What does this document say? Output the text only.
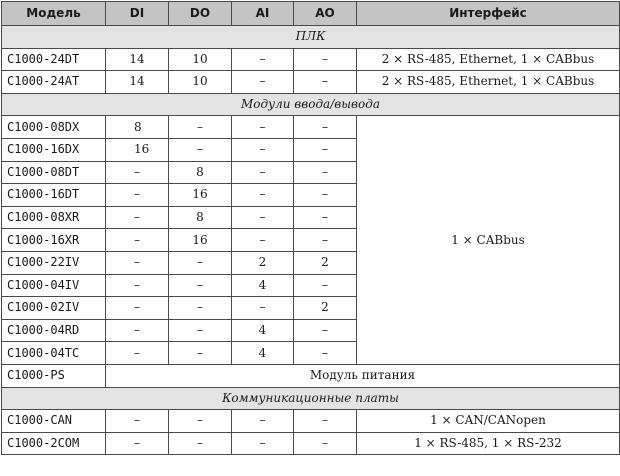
Модель	DI	DO	AI	AO	Интерфейс
ПЛК					
C1000-24DT	14	10	–	–	2 × RS-485, Ethernet, 1 × CABbus
C1000-24AT	14	10	–	–	2 × RS-485, Ethernet, 1 × CABbus
Модули ввода/вывода					
C1000-08DX	8	–	–	–	1 × CABbus
C1000-16DX	16	–	–	–	
C1000-08DT	–	8	–	–	
C1000-16DT	–	16	–	–	
C1000-08XR	–	8	–	–	
C1000-16XR	–	16	–	–	
C1000-22IV	–	–	2	2	
C1000-04IV	–	–	4	–	
C1000-02IV	–	–	–	2	
C1000-04RD	–	–	4	–	
C1000-04TC	–	–	4	–	
C1000-PS	Модуль питания				
Коммуникационные платы					
C1000-CAN	–	–	–	–	1 × CAN/CANopen
C1000-2COM	–	–	–	–	1 × RS-485, 1 × RS-232
